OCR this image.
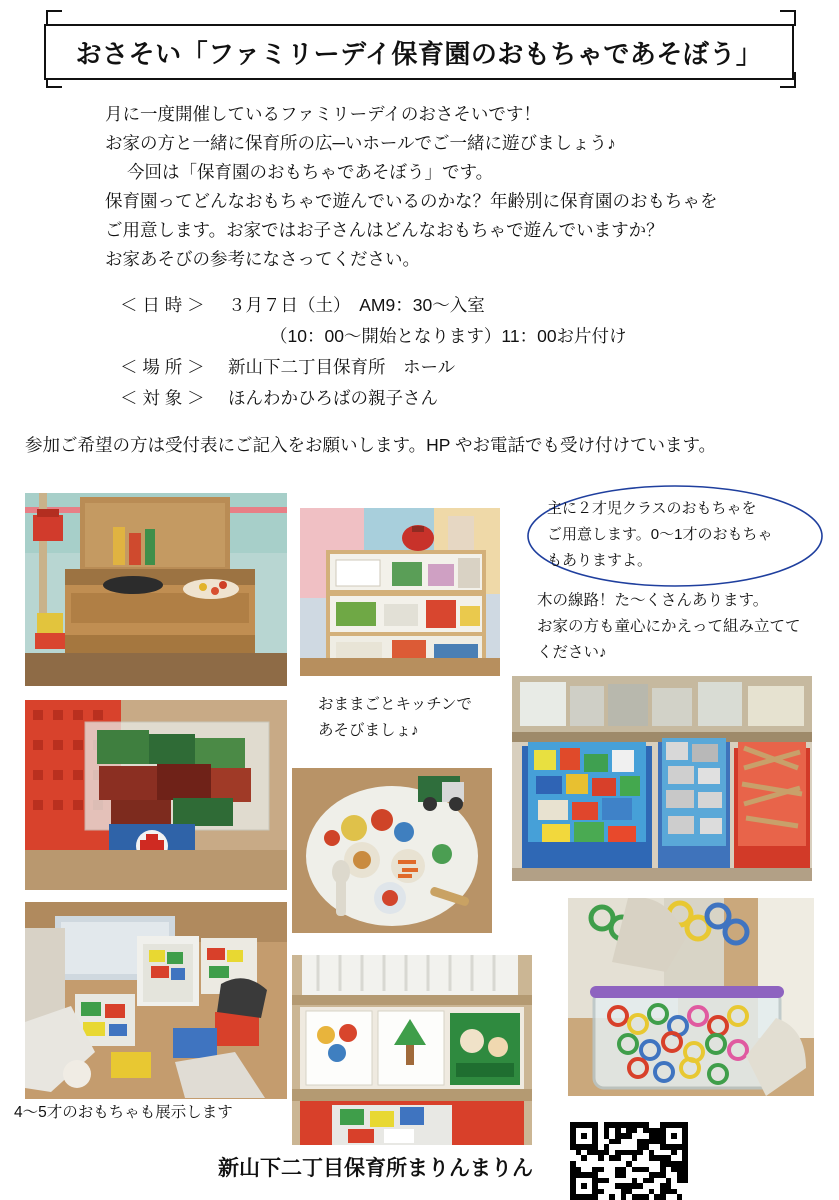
おさそい「ファミリーデイ保育園のおもちゃであそぼう」
月に一度開催しているファミリーデイのおさそいです！
お家の方と一緒に保育所の広─いホールでご一緒に遊びましょう♪
今回は「保育園のおもちゃであそぼう」です。
保育園ってどんなおもちゃで遊んでいるのかな？年齢別に保育園のおもちゃを
ご用意します。お家ではお子さんはどんなおもちゃで遊んでいますか？
お家あそびの参考になさってください。
＜ 日 時 ＞	３月７日（土）　AM9：30〜入室
（10：00〜開始となります）11：00お片付け
＜ 場 所 ＞	新山下二丁目保育所　ホール
＜ 対 象 ＞	ほんわかひろばの親子さん
参加ご希望の方は受付表にご記入をお願いします。HP やお電話でも受け付けています。
主に２才児クラスのおもちゃを
ご用意します。0〜1才のおもちゃ
もありますよ。
木の線路！た〜くさんあります。
お家の方も童心にかえって組み立てて
ください♪
おままごとキッチンで
あそびましょ♪
4〜5才のおもちゃも展示します
新山下二丁目保育所まりんまりん
